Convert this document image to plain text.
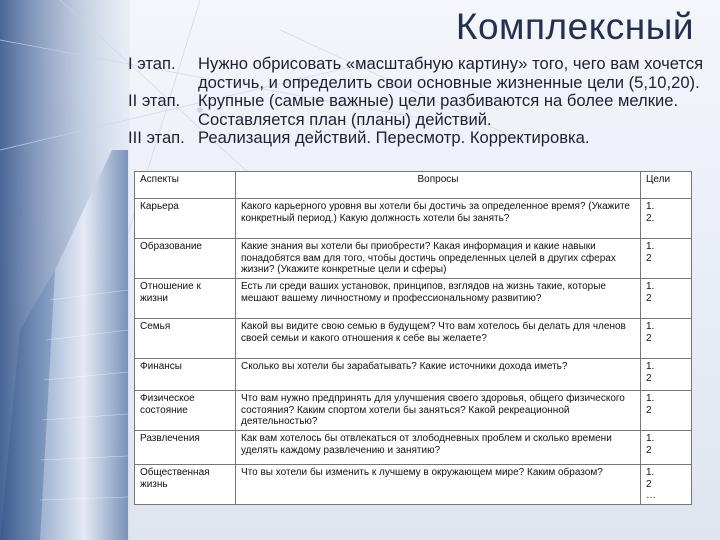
Комплексный
I этап.	Нужно обрисовать «масштабную картину» того, чего вам хочется достичь, и определить свои основные жизненные цели (5,10,20).
II этап.	Крупные (самые важные) цели разбиваются на более мелкие. Составляется план (планы) действий.
III этап. Реализация действий. Пересмотр. Корректировка.
Аспекты	Вопросы	Цели
Карьера	Какого карьерного уровня вы хотели бы достичь за определенное время? (Укажите конкретный период.) Какую должность хотели бы занять?	1.
2.

Образование	Какие знания вы хотели бы приобрести? Какая информация и какие навыки понадобятся вам для того, чтобы достичь определенных целей в других сферах жизни? (Укажите конкретные цели и сферы)	1.
2

Отношение к жизни	Есть ли среди ваших установок, принципов, взглядов на жизнь такие, которые мешают вашему личностному и профессиональному развитию?	1.
2

Семья	Какой вы видите свою семью в будущем? Что вам хотелось бы делать для членов своей семьи и какого отношения к себе вы желаете?	1.
2

Финансы	Сколько вы хотели бы зарабатывать? Какие источники дохода иметь?	1.
2

Физическое состояние	Что вам нужно предпринять для улучшения своего здоровья, общего физического состояния? Каким спортом хотели бы заняться? Какой рекреационной деятельностью?	1.
2

Развлечения	Как вам хотелось бы отвлекаться от злободневных проблем и сколько времени уделять каждому развлечению и занятию?	1.
2

Общественная жизнь	Что вы хотели бы изменить к лучшему в окружающем мире? Каким образом?	1.
2
…
